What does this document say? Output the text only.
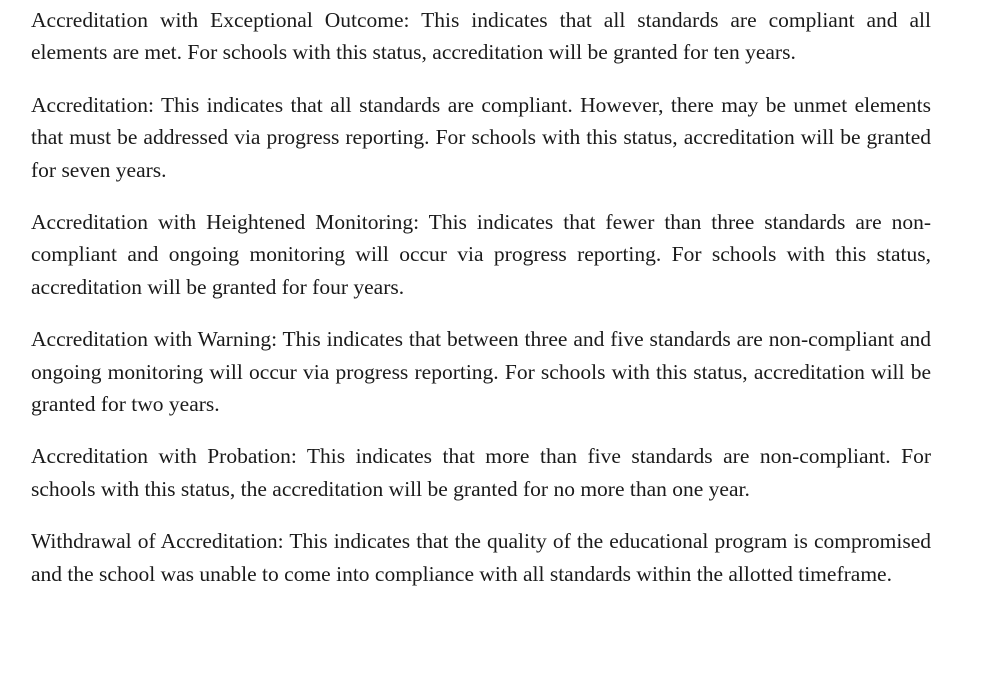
Accreditation with Exceptional Outcome: This indicates that all standards are compliant and all elements are met. For schools with this status, accreditation will be granted for ten years.

Accreditation: This indicates that all standards are compliant. However, there may be unmet elements that must be addressed via progress reporting. For schools with this status, accreditation will be granted for seven years.

Accreditation with Heightened Monitoring: This indicates that fewer than three standards are non-compliant and ongoing monitoring will occur via progress reporting. For schools with this status, accreditation will be granted for four years.

Accreditation with Warning: This indicates that between three and five standards are non-compliant and ongoing monitoring will occur via progress reporting. For schools with this status, accreditation will be granted for two years.

Accreditation with Probation: This indicates that more than five standards are non-compliant. For schools with this status, the accreditation will be granted for no more than one year.

Withdrawal of Accreditation: This indicates that the quality of the educational program is compromised and the school was unable to come into compliance with all standards within the allotted timeframe.
